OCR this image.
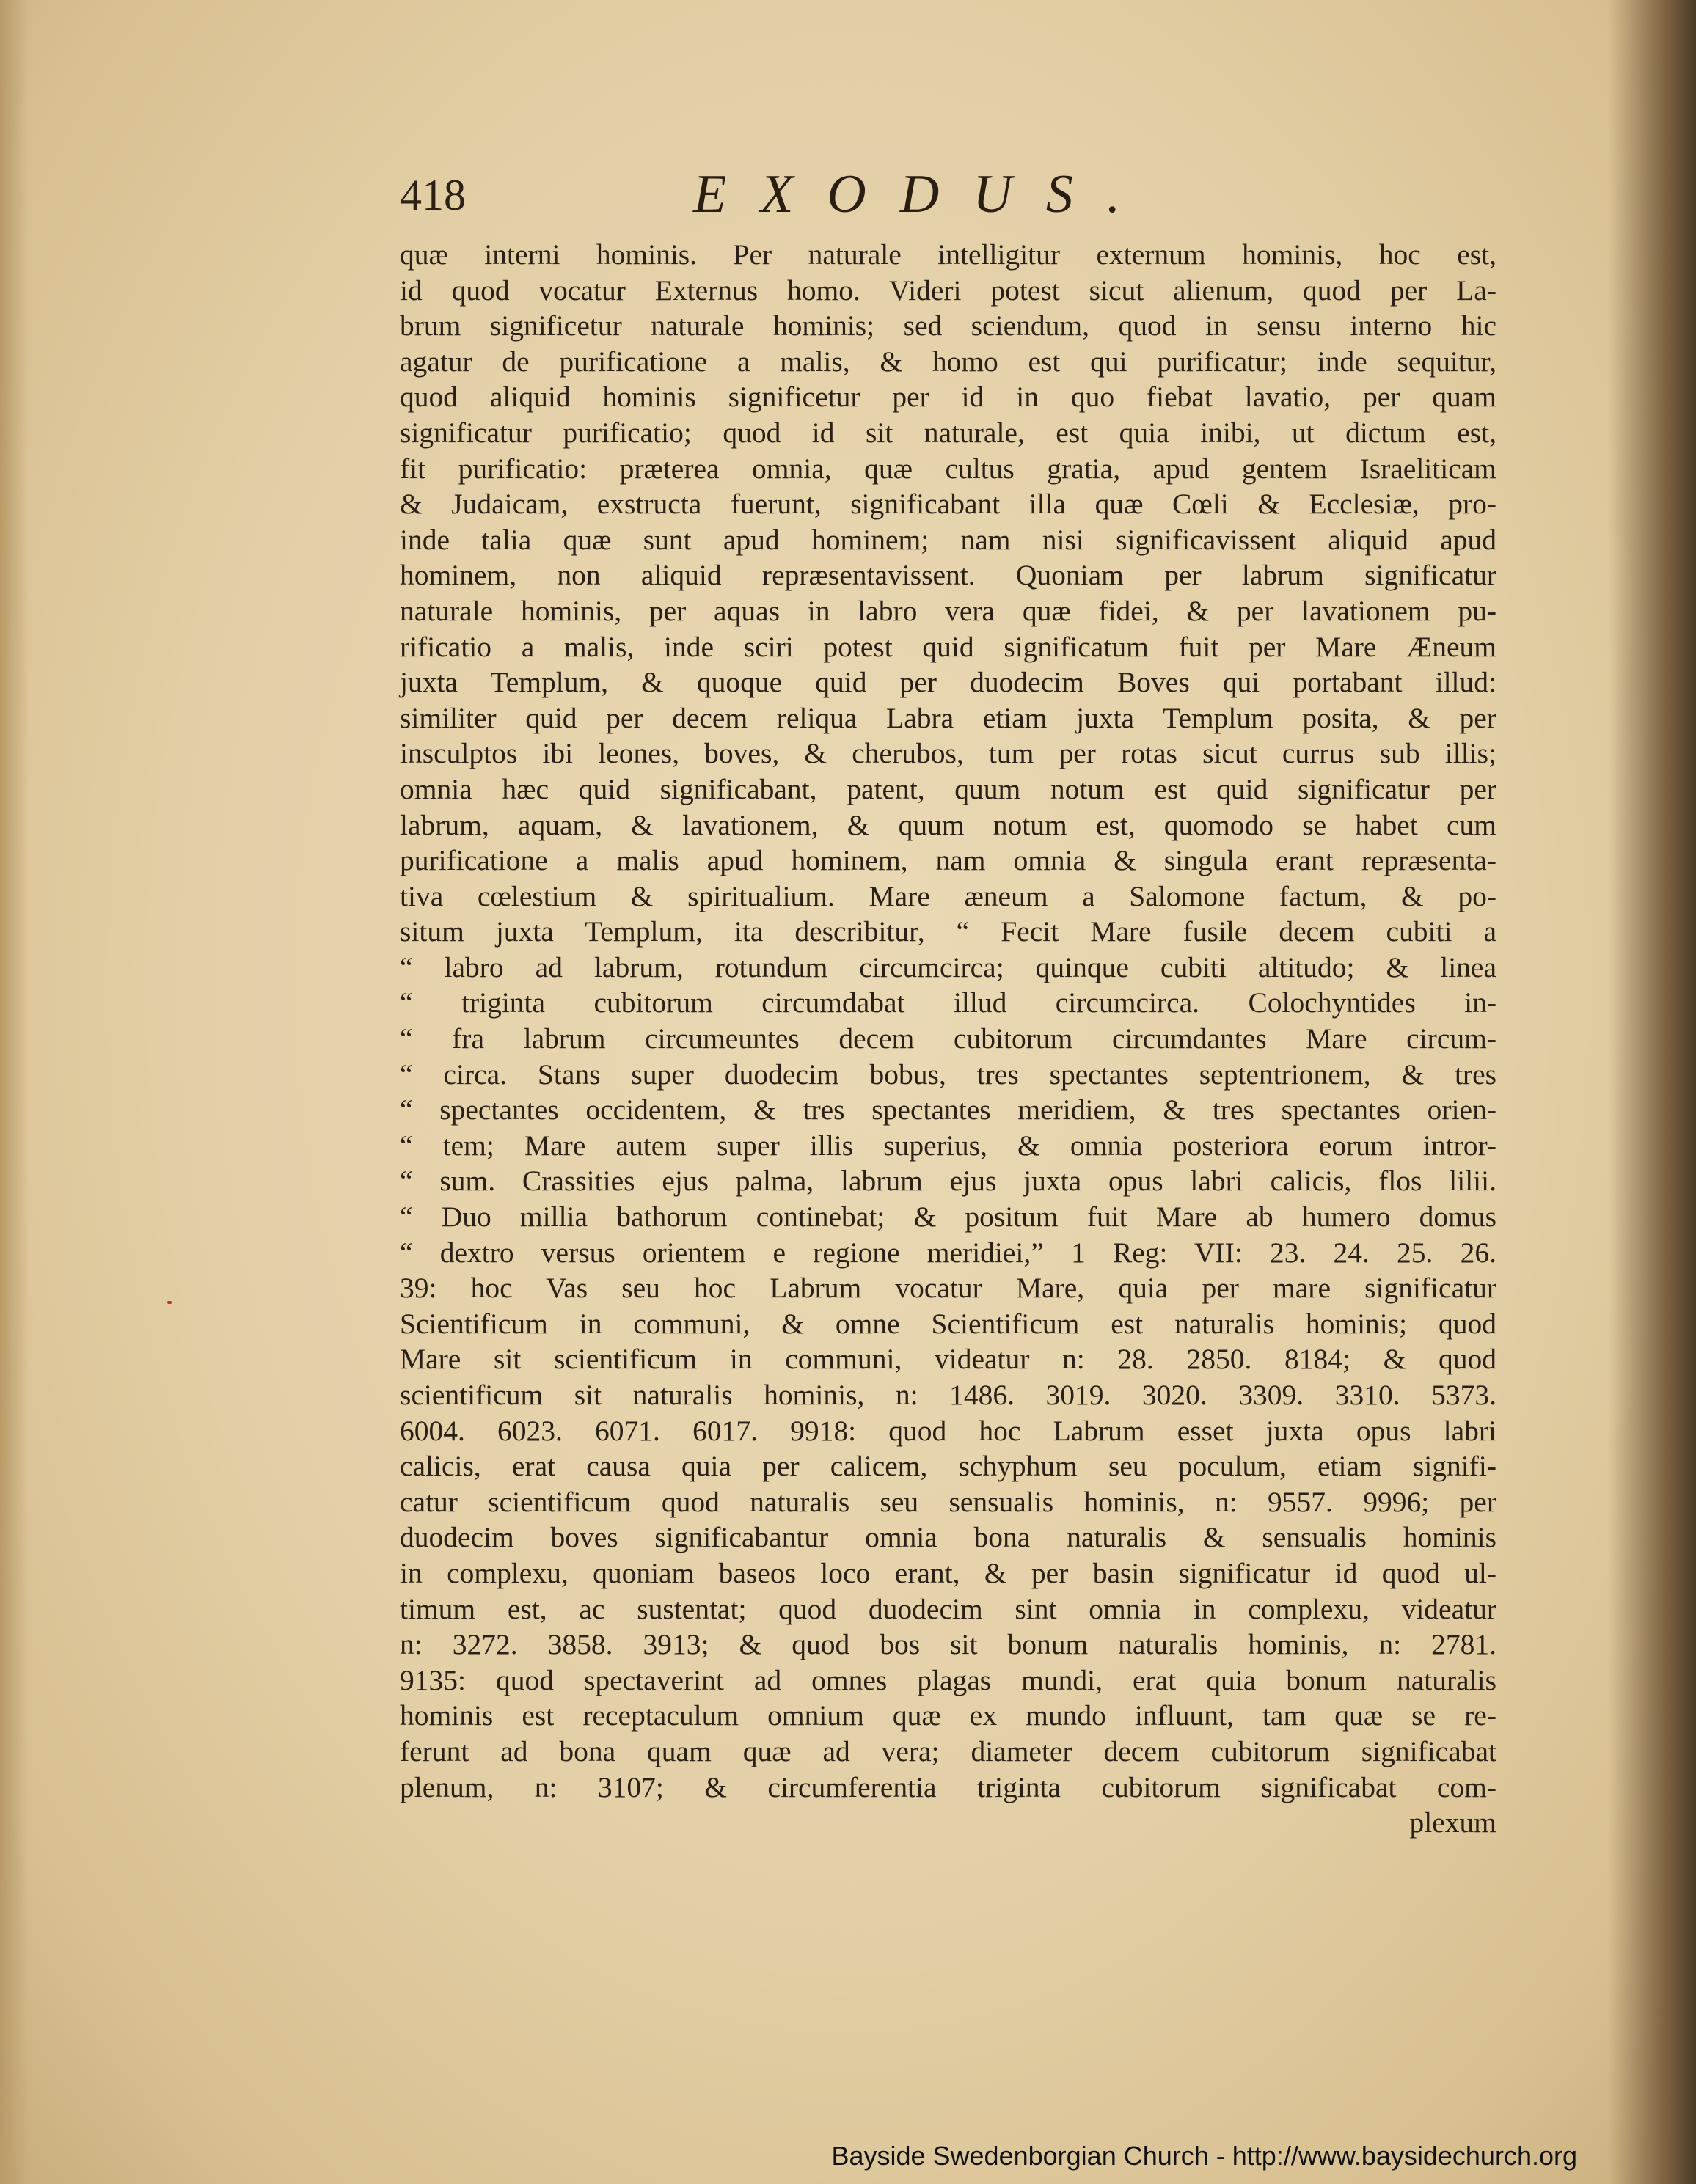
418	EXODUS.
quæ interni hominis. Per naturale intelligitur externum hominis, hoc est,
id quod vocatur Externus homo. Videri potest sicut alienum, quod per La-
brum significetur naturale hominis; sed sciendum, quod in sensu interno hic
agatur de purificatione a malis, & homo est qui purificatur; inde sequitur,
quod aliquid hominis significetur per id in quo fiebat lavatio, per quam
significatur purificatio; quod id sit naturale, est quia inibi, ut dictum est,
fit purificatio: præterea omnia, quæ cultus gratia, apud gentem Israeliticam
& Judaicam, exstructa fuerunt, significabant illa quæ Cœli & Ecclesiæ, pro-
inde talia quæ sunt apud hominem; nam nisi significavissent aliquid apud
hominem, non aliquid repræsentavissent. Quoniam per labrum significatur
naturale hominis, per aquas in labro vera quæ fidei, & per lavationem pu-
rificatio a malis, inde sciri potest quid significatum fuit per Mare Æneum
juxta Templum, & quoque quid per duodecim Boves qui portabant illud:
similiter quid per decem reliqua Labra etiam juxta Templum posita, & per
insculptos ibi leones, boves, & cherubos, tum per rotas sicut currus sub illis;
omnia hæc quid significabant, patent, quum notum est quid significatur per
labrum, aquam, & lavationem, & quum notum est, quomodo se habet cum
purificatione a malis apud hominem, nam omnia & singula erant repræsenta-
tiva cœlestium & spiritualium. Mare æneum a Salomone factum, & po-
situm juxta Templum, ita describitur, “ Fecit Mare fusile decem cubiti a
“ labro ad labrum, rotundum circumcirca; quinque cubiti altitudo; & linea
“ triginta cubitorum circumdabat illud circumcirca. Colochyntides in-
“ fra labrum circumeuntes decem cubitorum circumdantes Mare circum-
“ circa. Stans super duodecim bobus, tres spectantes septentrionem, & tres
“ spectantes occidentem, & tres spectantes meridiem, & tres spectantes orien-
“ tem; Mare autem super illis superius, & omnia posteriora eorum intror-
“ sum. Crassities ejus palma, labrum ejus juxta opus labri calicis, flos lilii.
“ Duo millia bathorum continebat; & positum fuit Mare ab humero domus
“ dextro versus orientem e regione meridiei,” 1 Reg: VII: 23. 24. 25. 26.
39: hoc Vas seu hoc Labrum vocatur Mare, quia per mare significatur
Scientificum in communi, & omne Scientificum est naturalis hominis; quod
Mare sit scientificum in communi, videatur n: 28. 2850. 8184; & quod
scientificum sit naturalis hominis, n: 1486. 3019. 3020. 3309. 3310. 5373.
6004. 6023. 6071. 6017. 9918: quod hoc Labrum esset juxta opus labri
calicis, erat causa quia per calicem, schyphum seu poculum, etiam signifi-
catur scientificum quod naturalis seu sensualis hominis, n: 9557. 9996; per
duodecim boves significabantur omnia bona naturalis & sensualis hominis
in complexu, quoniam baseos loco erant, & per basin significatur id quod ul-
timum est, ac sustentat; quod duodecim sint omnia in complexu, videatur
n: 3272. 3858. 3913; & quod bos sit bonum naturalis hominis, n: 2781.
9135: quod spectaverint ad omnes plagas mundi, erat quia bonum naturalis
hominis est receptaculum omnium quæ ex mundo influunt, tam quæ se re-
ferunt ad bona quam quæ ad vera; diameter decem cubitorum significabat
plenum, n: 3107; & circumferentia triginta cubitorum significabat com-
plexum
Bayside Swedenborgian Church - http://www.baysidechurch.org
